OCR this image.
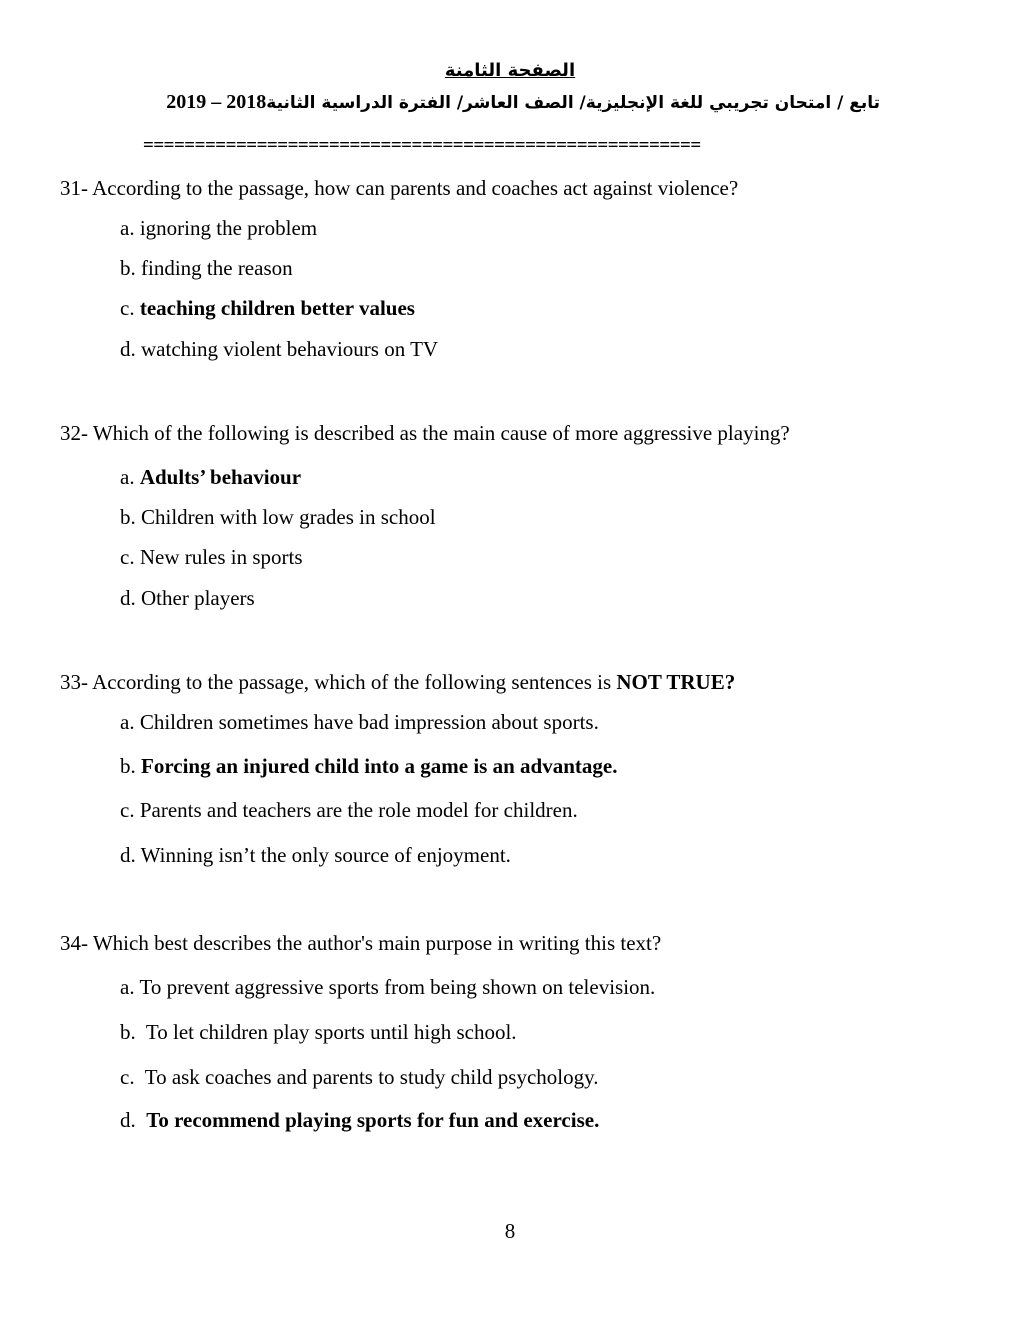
الصفحة الثامنة
2019 – 2018تابع / امتحان تجريبي للغة الإنجليزية/ الصف العاشر/ الفترة الدراسية الثانية
======================================================
31- According to the passage, how can parents and coaches act against violence?
a. ignoring the problem
b. finding the reason
c. teaching children better values
d. watching violent behaviours on TV
32- Which of the following is described as the main cause of more aggressive playing?
a. Adults’ behaviour
b. Children with low grades in school
c. New rules in sports
d. Other players
33- According to the passage, which of the following sentences is NOT TRUE?
a. Children sometimes have bad impression about sports.
b. Forcing an injured child into a game is an advantage.
c. Parents and teachers are the role model for children.
d. Winning isn’t the only source of enjoyment.
34- Which best describes the author's main purpose in writing this text?
a. To prevent aggressive sports from being shown on television.
b.  To let children play sports until high school.
c.  To ask coaches and parents to study child psychology.
d.  To recommend playing sports for fun and exercise.
8
